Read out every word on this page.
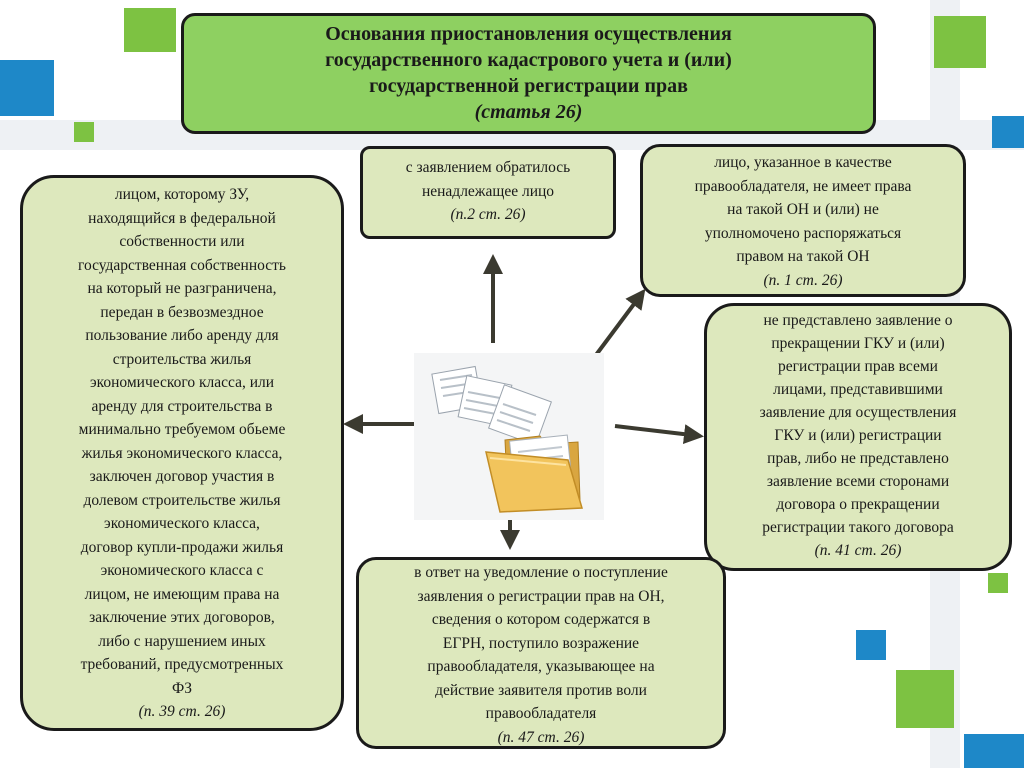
Основания приостановления осуществления
государственного кадастрового учета и (или)
государственной регистрации прав
(статья 26)
лицом, которому ЗУ,
находящийся в федеральной
собственности или
государственная собственность
на который не разграничена,
передан в безвозмездное
пользование либо аренду для
строительства жилья
экономического класса, или
аренду для строительства в
минимально требуемом обьеме
жилья экономического класса,
заключен договор участия в
долевом строительстве жилья
экономического класса,
договор купли-продажи жилья
экономического класса с
лицом, не имеющим права на
заключение этих договоров,
либо с нарушением иных
требований, предусмотренных
ФЗ
(п. 39 ст. 26)
с заявлением обратилось
ненадлежащее лицо
(п.2 ст. 26)
лицо, указанное в качестве
правообладателя, не имеет права
на такой ОН и (или) не
уполномочено распоряжаться
правом на такой ОН
(п. 1 ст. 26)
не представлено заявление о
прекращении ГКУ и (или)
регистрации прав всеми
лицами, представившими
заявление для осуществления
ГКУ и (или) регистрации
прав, либо не представлено
заявление всеми сторонами
договора о прекращении
регистрации такого договора
(п. 41 ст. 26)
в ответ на уведомление о поступление
заявления о регистрации прав на ОН,
сведения о котором содержатся в
ЕГРН, поступило возражение
правообладателя, указывающее на
действие заявителя против воли
правообладателя
(п. 47 ст. 26)
